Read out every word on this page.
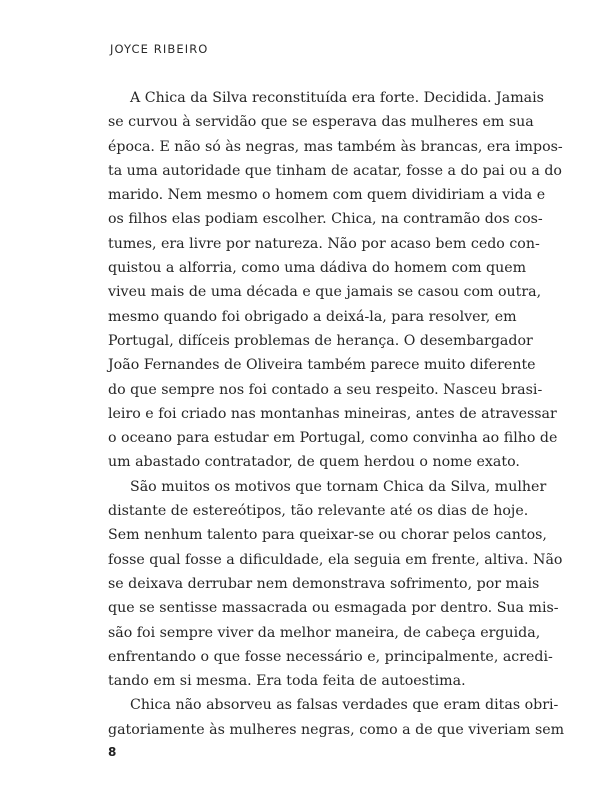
JOYCE RIBEIRO
A Chica da Silva reconstituída era forte. Decidida. Jamais
se curvou à servidão que se esperava das mulheres em sua
época. E não só às negras, mas também às brancas, era impos-
ta uma autoridade que tinham de acatar, fosse a do pai ou a do
marido. Nem mesmo o homem com quem dividiriam a vida e
os filhos elas podiam escolher. Chica, na contramão dos cos-
tumes, era livre por natureza. Não por acaso bem cedo con-
quistou a alforria, como uma dádiva do homem com quem
viveu mais de uma década e que jamais se casou com outra,
mesmo quando foi obrigado a deixá-la, para resolver, em
Portugal, difíceis problemas de herança. O desembargador
João Fernandes de Oliveira também parece muito diferente
do que sempre nos foi contado a seu respeito. Nasceu brasi-
leiro e foi criado nas montanhas mineiras, antes de atravessar
o oceano para estudar em Portugal, como convinha ao filho de
um abastado contratador, de quem herdou o nome exato.
São muitos os motivos que tornam Chica da Silva, mulher
distante de estereótipos, tão relevante até os dias de hoje.
Sem nenhum talento para queixar-se ou chorar pelos cantos,
fosse qual fosse a dificuldade, ela seguia em frente, altiva. Não
se deixava derrubar nem demonstrava sofrimento, por mais
que se sentisse massacrada ou esmagada por dentro. Sua mis-
são foi sempre viver da melhor maneira, de cabeça erguida,
enfrentando o que fosse necessário e, principalmente, acredi-
tando em si mesma. Era toda feita de autoestima.
Chica não absorveu as falsas verdades que eram ditas obri-
gatoriamente às mulheres negras, como a de que viveriam sem
8
